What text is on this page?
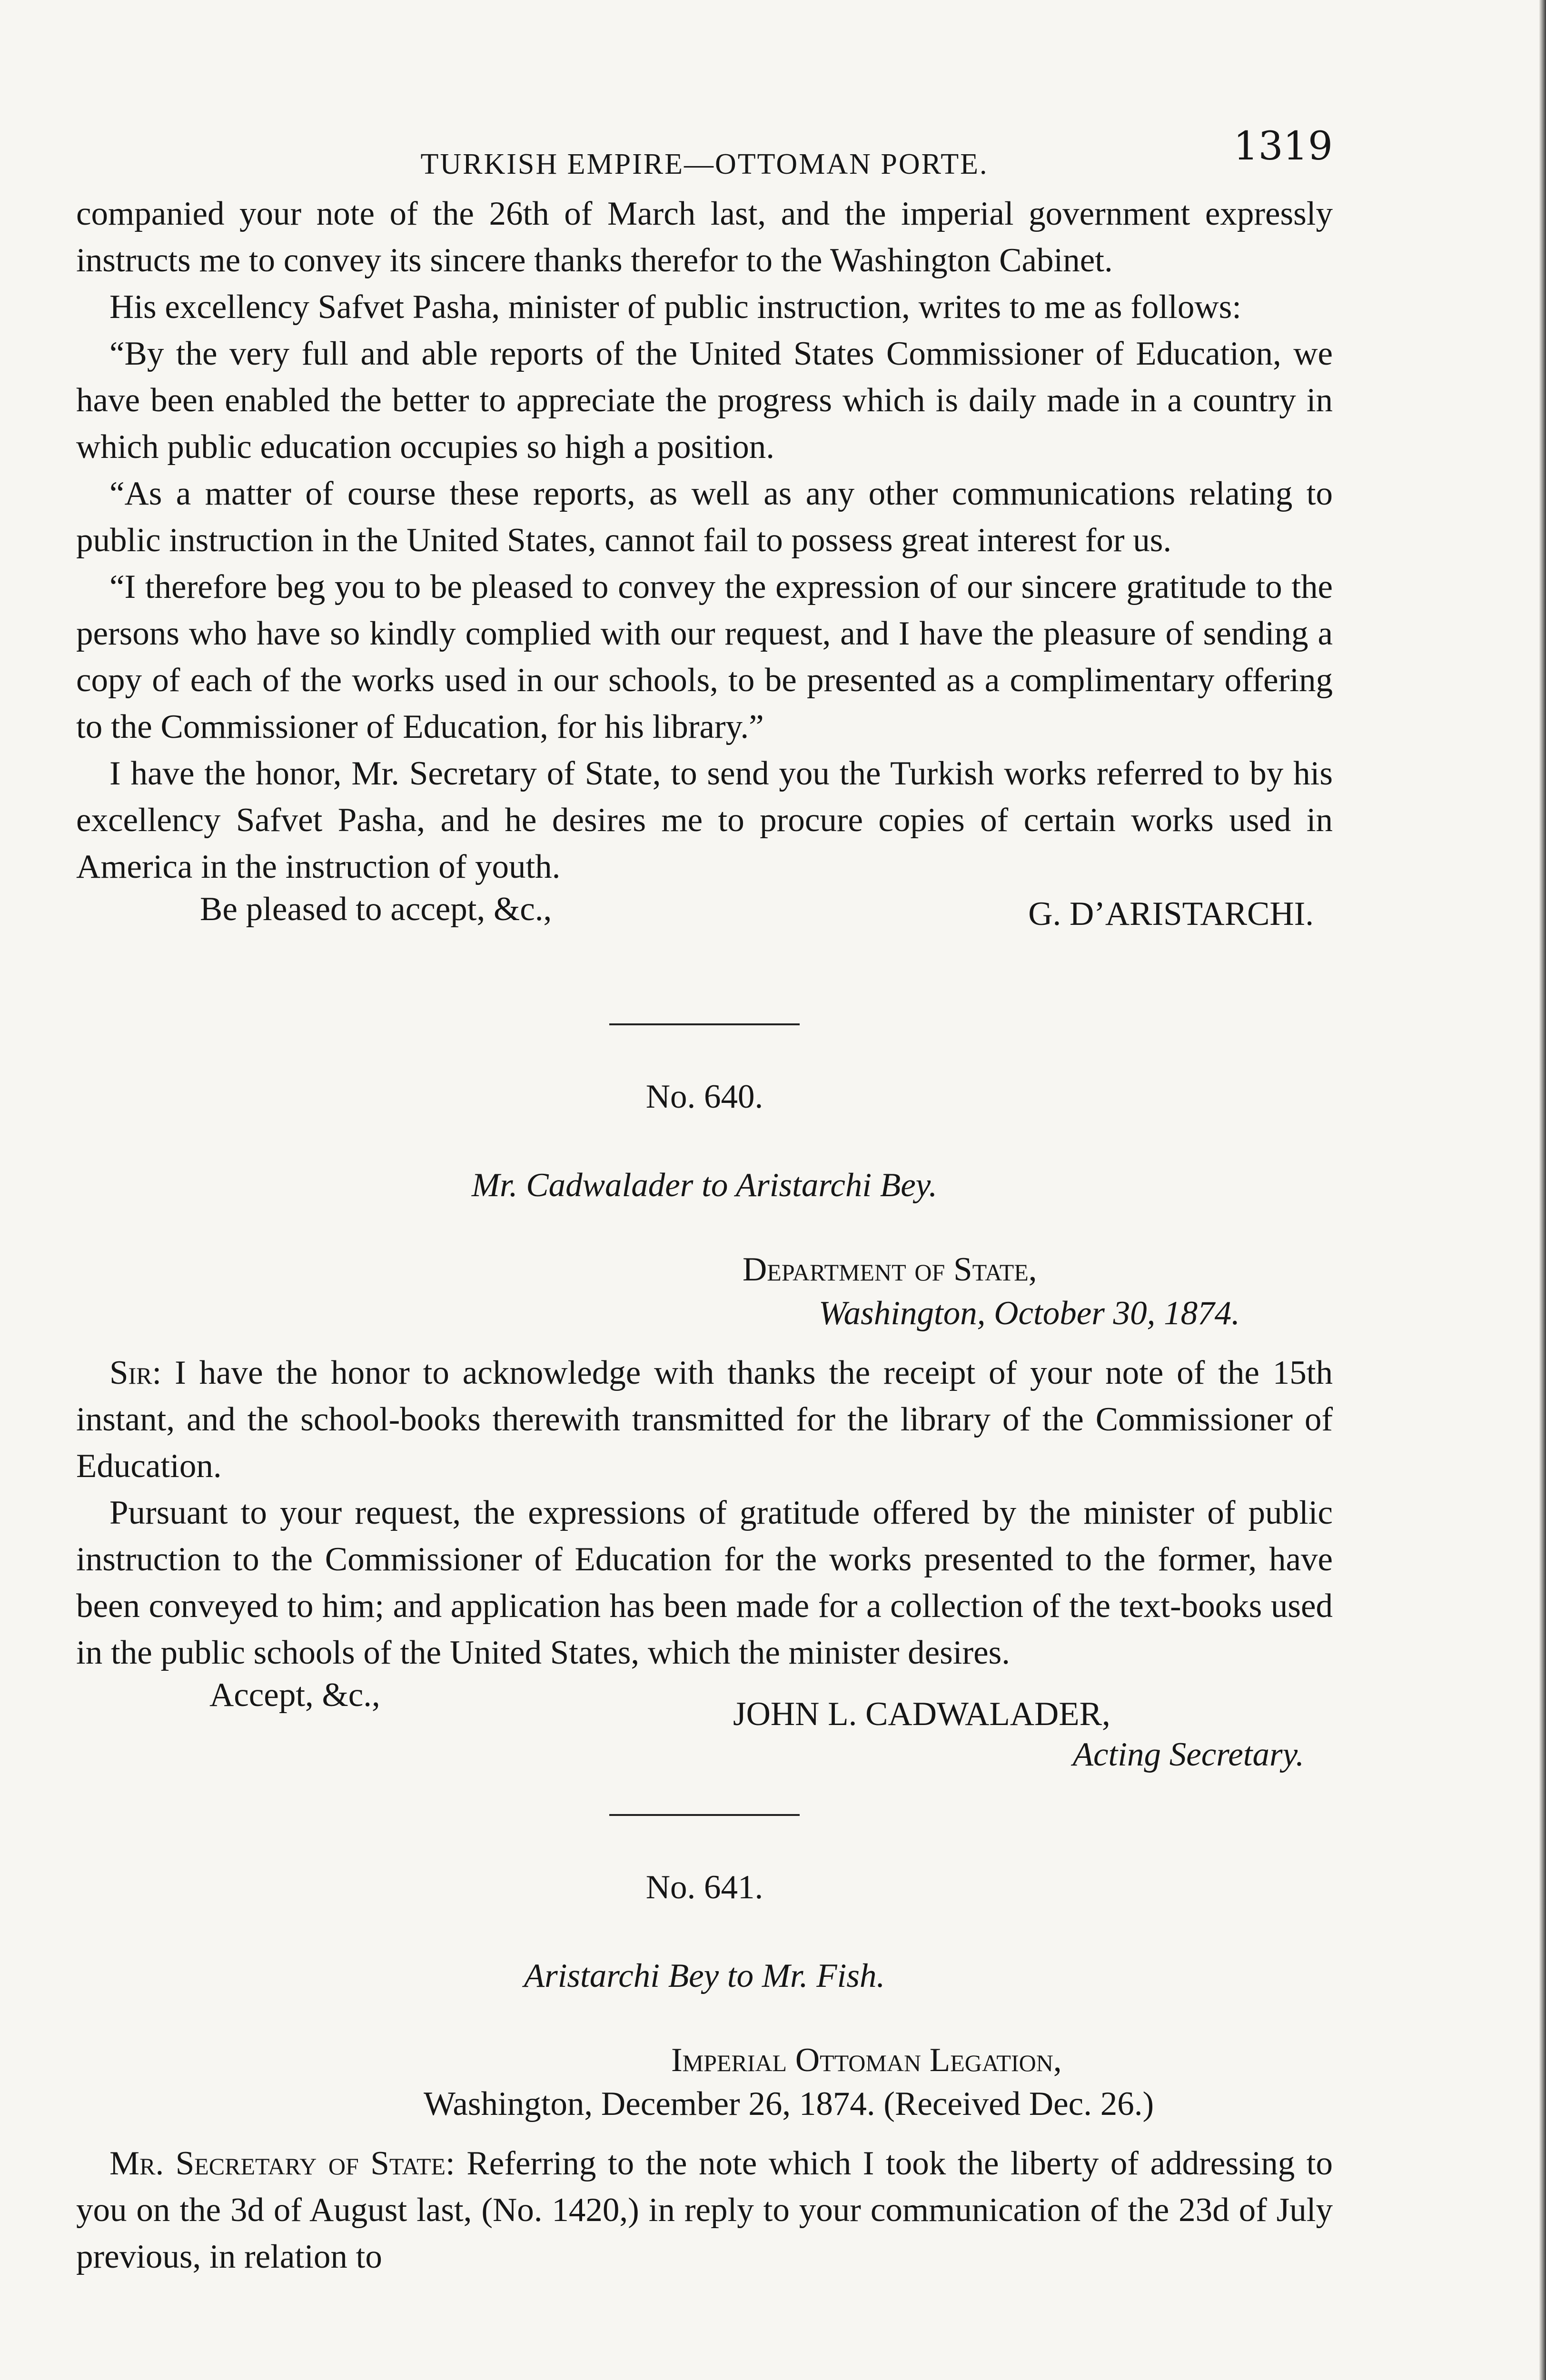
TURKISH EMPIRE—OTTOMAN PORTE.	1319

companied your note of the 26th of March last, and the imperial government expressly instructs me to convey its sincere thanks therefor to the Washington Cabinet.

His excellency Safvet Pasha, minister of public instruction, writes to me as follows:

“By the very full and able reports of the United States Commissioner of Education, we have been enabled the better to appreciate the progress which is daily made in a country in which public education occupies so high a position.

“As a matter of course these reports, as well as any other communications relating to public instruction in the United States, cannot fail to possess great interest for us.

“I therefore beg you to be pleased to convey the expression of our sincere gratitude to the persons who have so kindly complied with our request, and I have the pleasure of sending a copy of each of the works used in our schools, to be presented as a complimentary offering to the Commissioner of Education, for his library.”

I have the honor, Mr. Secretary of State, to send you the Turkish works referred to by his excellency Safvet Pasha, and he desires me to procure copies of certain works used in America in the instruction of youth.

Be pleased to accept, &c.,	G. D’ARISTARCHI.
No. 640.
Mr. Cadwalader to Aristarchi Bey.
Department of State,
Washington, October 30, 1874.

Sir: I have the honor to acknowledge with thanks the receipt of your note of the 15th instant, and the school-books therewith transmitted for the library of the Commissioner of Education.

Pursuant to your request, the expressions of gratitude offered by the minister of public instruction to the Commissioner of Education for the works presented to the former, have been conveyed to him; and application has been made for a collection of the text-books used in the public schools of the United States, which the minister desires.

Accept, &c.,
JOHN L. CADWALADER,
Acting Secretary.
No. 641.
Aristarchi Bey to Mr. Fish.
Imperial Ottoman Legation,
Washington, December 26, 1874. (Received Dec. 26.)

Mr. Secretary of State: Referring to the note which I took the liberty of addressing to you on the 3d of August last, (No. 1420,) in reply to your communication of the 23d of July previous, in relation to
